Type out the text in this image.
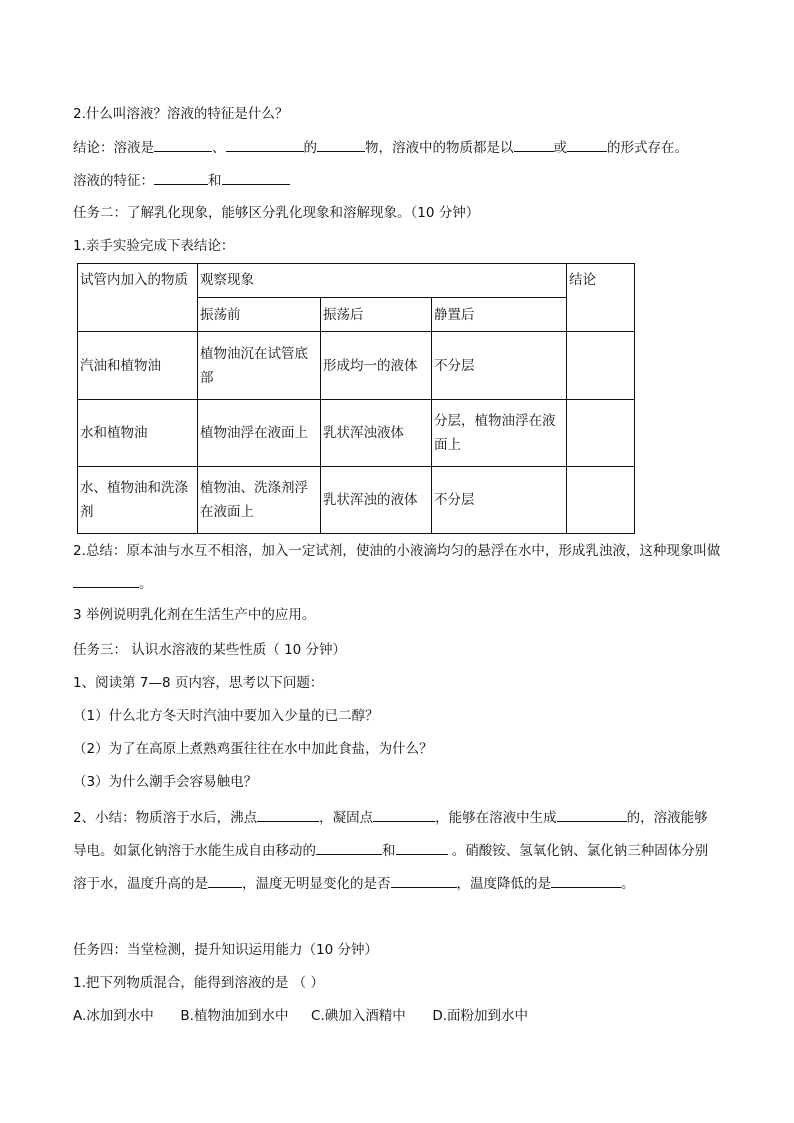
2.什么叫溶液？溶液的特征是什么？
结论：溶液是	、	的	物，溶液中的物质都是以	或	的形式存在。
溶液的特征：	和
任务二：了解乳化现象，能够区分乳化现象和溶解现象。（10 分钟）
1.亲手实验完成下表结论：
试管内加入的物质	观察现象			结论
	振荡前	振荡后	静置后	
汽油和植物油	植物油沉在试管底部	形成均一的液体	不分层	
水和植物油	植物油浮在液面上	乳状浑浊液体	分层，植物油浮在液面上	
水、植物油和洗涤剂	植物油、洗涤剂浮在液面上	乳状浑浊的液体	不分层	
2.总结：原本油与水互不相溶，加入一定试剂，使油的小液滴均匀的悬浮在水中，形成乳浊液，这种现象叫做。
3 举例说明乳化剂在生活生产中的应用。
任务三： 认识水溶液的某些性质（ 10 分钟）
1、阅读第 7—8 页内容，思考以下问题：
（1）什么北方冬天时汽油中要加入少量的已二醇？
（2）为了在高原上煮熟鸡蛋往往在水中加此食盐，为什么？
（3）为什么潮手会容易触电？
2、小结：物质溶于水后，沸点	，凝固点	，能够在溶液中生成	的，溶液能够导电。如氯化钠溶于水能生成自由移动的	和	。硝酸铵、氢氧化钠、氯化钠三种固体分别溶于水，温度升高的是	，温度无明显变化的是否	，温度降低的是	。
任务四：当堂检测，提升知识运用能力（10 分钟）
1.把下列物质混合，能得到溶液的是 （ ）
A.冰加到水中 B.植物油加到水中 C.碘加入酒精中 D.面粉加到水中
